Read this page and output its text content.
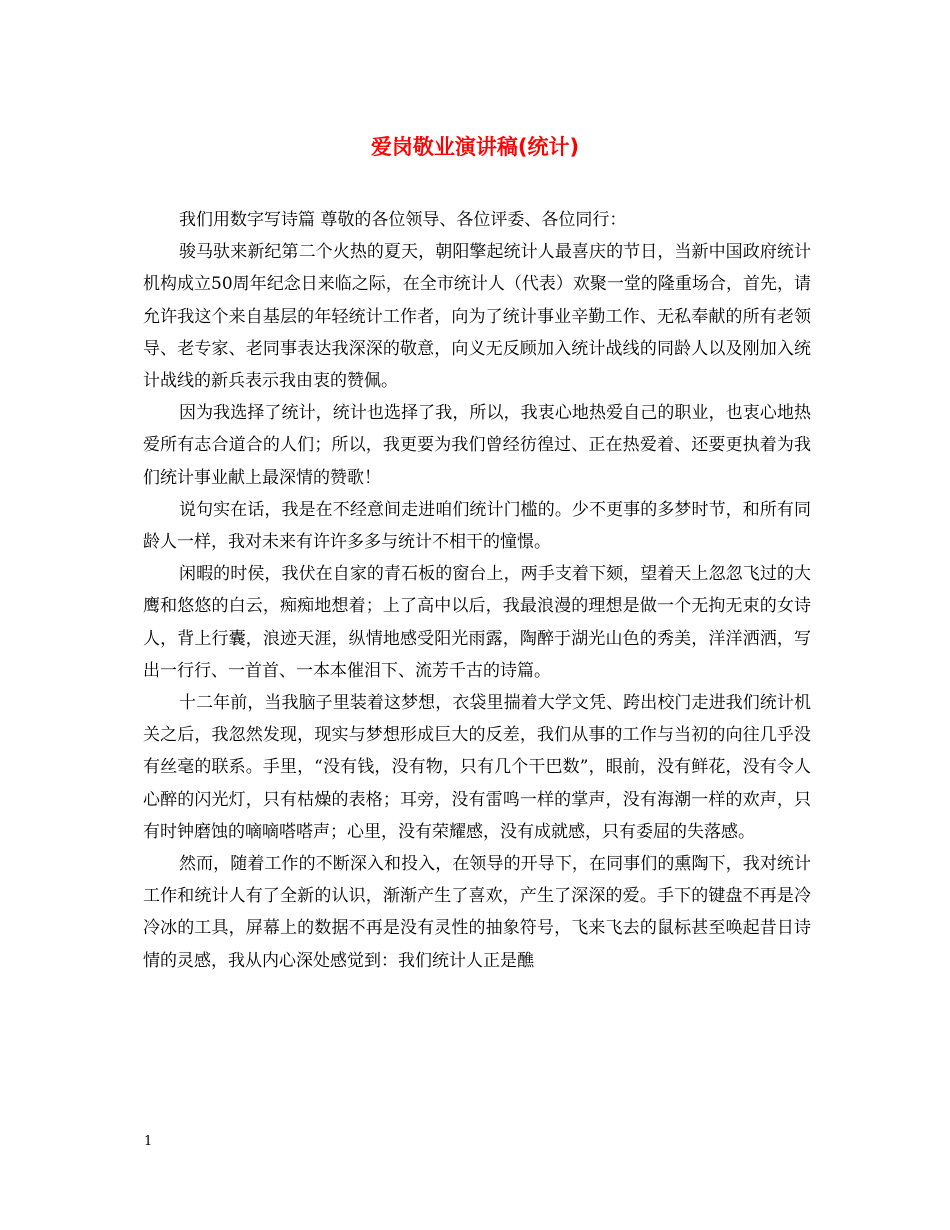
爱岗敬业演讲稿(统计)

我们用数字写诗篇 尊敬的各位领导、各位评委、各位同行：

骏马驮来新纪第二个火热的夏天，朝阳擎起统计人最喜庆的节日，当新中国政府统计机构成立50周年纪念日来临之际，在全市统计人（代表）欢聚一堂的隆重场合，首先，请允许我这个来自基层的年轻统计工作者，向为了统计事业辛勤工作、无私奉献的所有老领导、老专家、老同事表达我深深的敬意，向义无反顾加入统计战线的同龄人以及刚加入统计战线的新兵表示我由衷的赞佩。

因为我选择了统计，统计也选择了我，所以，我衷心地热爱自己的职业，也衷心地热爱所有志合道合的人们；所以，我更要为我们曾经彷徨过、正在热爱着、还要更执着为我们统计事业献上最深情的赞歌！

说句实在话，我是在不经意间走进咱们统计门槛的。少不更事的多梦时节，和所有同龄人一样，我对未来有许许多多与统计不相干的憧憬。

闲暇的时侯，我伏在自家的青石板的窗台上，两手支着下颏，望着天上忽忽飞过的大鹰和悠悠的白云，痴痴地想着；上了高中以后，我最浪漫的理想是做一个无拘无束的女诗人，背上行囊，浪迹天涯，纵情地感受阳光雨露，陶醉于湖光山色的秀美，洋洋洒洒，写出一行行、一首首、一本本催泪下、流芳千古的诗篇。

十二年前，当我脑子里装着这梦想，衣袋里揣着大学文凭、跨出校门走进我们统计机关之后，我忽然发现，现实与梦想形成巨大的反差，我们从事的工作与当初的向往几乎没有丝毫的联系。手里，“没有钱，没有物，只有几个干巴数”，眼前，没有鲜花，没有令人心醉的闪光灯，只有枯燥的表格；耳旁，没有雷鸣一样的掌声，没有海潮一样的欢声，只有时钟磨蚀的嘀嘀嗒嗒声；心里，没有荣耀感，没有成就感，只有委屈的失落感。

然而，随着工作的不断深入和投入，在领导的开导下，在同事们的熏陶下，我对统计工作和统计人有了全新的认识，渐渐产生了喜欢，产生了深深的爱。手下的键盘不再是冷冷冰的工具，屏幕上的数据不再是没有灵性的抽象符号，飞来飞去的鼠标甚至唤起昔日诗情的灵感，我从内心深处感觉到：我们统计人正是醮

1
